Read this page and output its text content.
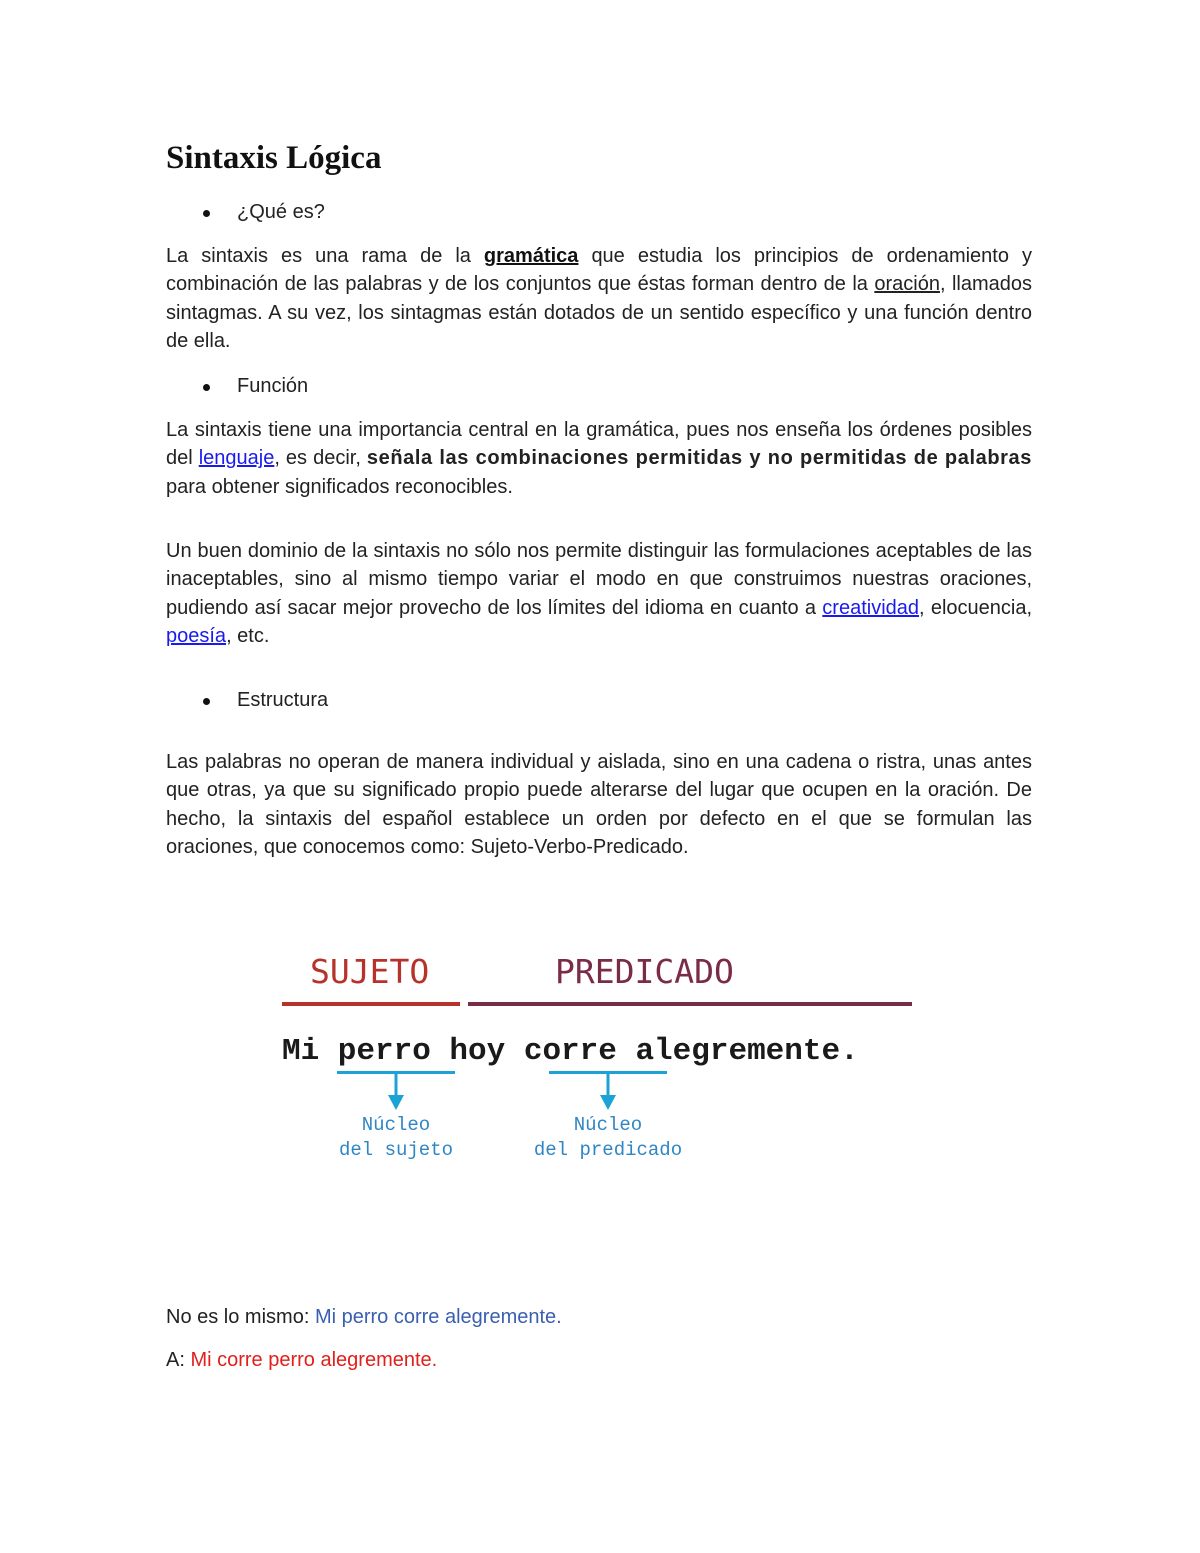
Sintaxis Lógica
¿Qué es?

La sintaxis es una rama de la gramática que estudia los principios de ordenamiento y combinación de las palabras y de los conjuntos que éstas forman dentro de la oración, llamados sintagmas. A su vez, los sintagmas están dotados de un sentido específico y una función dentro de ella.

Función

La sintaxis tiene una importancia central en la gramática, pues nos enseña los órdenes posibles del lenguaje, es decir, señala las combinaciones permitidas y no permitidas de palabras para obtener significados reconocibles.

Un buen dominio de la sintaxis no sólo nos permite distinguir las formulaciones aceptables de las inaceptables, sino al mismo tiempo variar el modo en que construimos nuestras oraciones, pudiendo así sacar mejor provecho de los límites del idioma en cuanto a creatividad, elocuencia, poesía, etc.

Estructura

Las palabras no operan de manera individual y aislada, sino en una cadena o ristra, unas antes que otras, ya que su significado propio puede alterarse del lugar que ocupen en la oración. De hecho, la sintaxis del español establece un orden por defecto en el que se formulan las oraciones, que conocemos como: Sujeto-Verbo-Predicado.

SUJETO	PREDICADO
Mi perro hoy corre alegremente.
Núcleo
del sujeto
Núcleo
del predicado
No es lo mismo: Mi perro corre alegremente.
A: Mi corre perro alegremente.
